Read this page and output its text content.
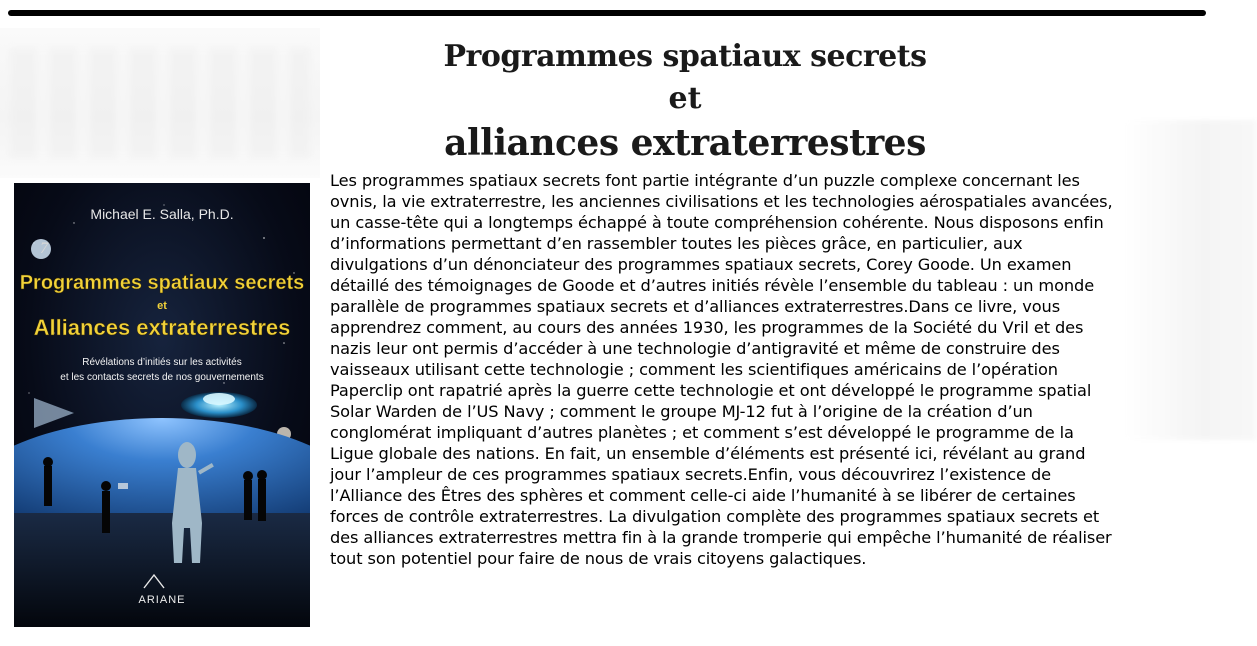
Programmes spatiaux secrets
et
alliances extraterrestres
Michael E. Salla, Ph.D.
7
Programmes spatiaux secrets
et
Alliances extraterrestres
Révélations d’initiés sur les activités
et les contacts secrets de nos gouvernements
ARIANE

Les programmes spatiaux secrets font partie intégrante d’un puzzle complexe concernant les ovnis, la vie extraterrestre, les anciennes civilisations et les technologies aérospatiales avancées, un casse-tête qui a longtemps échappé à toute compréhension cohérente. Nous disposons enfin d’informations permettant d’en rassembler toutes les pièces grâce, en particulier, aux divulgations d’un dénonciateur des programmes spatiaux secrets, Corey Goode. Un examen détaillé des témoignages de Goode et d’autres initiés révèle l’ensemble du tableau : un monde parallèle de programmes spatiaux secrets et d’alliances extraterrestres.Dans ce livre, vous apprendrez comment, au cours des années 1930, les programmes de la Société du Vril et des nazis leur ont permis d’accéder à une technologie d’antigravité et même de construire des vaisseaux utilisant cette technologie ; comment les scientifiques américains de l’opération Paperclip ont rapatrié après la guerre cette technologie et ont développé le programme spatial Solar Warden de l’US Navy ; comment le groupe MJ-12 fut à l’origine de la création d’un conglomérat impliquant d’autres planètes ; et comment s’est développé le programme de la Ligue globale des nations. En fait, un ensemble d’éléments est présenté ici, révélant au grand jour l’ampleur de ces programmes spatiaux secrets.Enfin, vous découvrirez l’existence de l’Alliance des Êtres des sphères et comment celle-ci aide l’humanité à se libérer de certaines forces de contrôle extraterrestres. La divulgation complète des programmes spatiaux secrets et des alliances extraterrestres mettra fin à la grande tromperie qui empêche l’humanité de réaliser tout son potentiel pour faire de nous de vrais citoyens galactiques.
